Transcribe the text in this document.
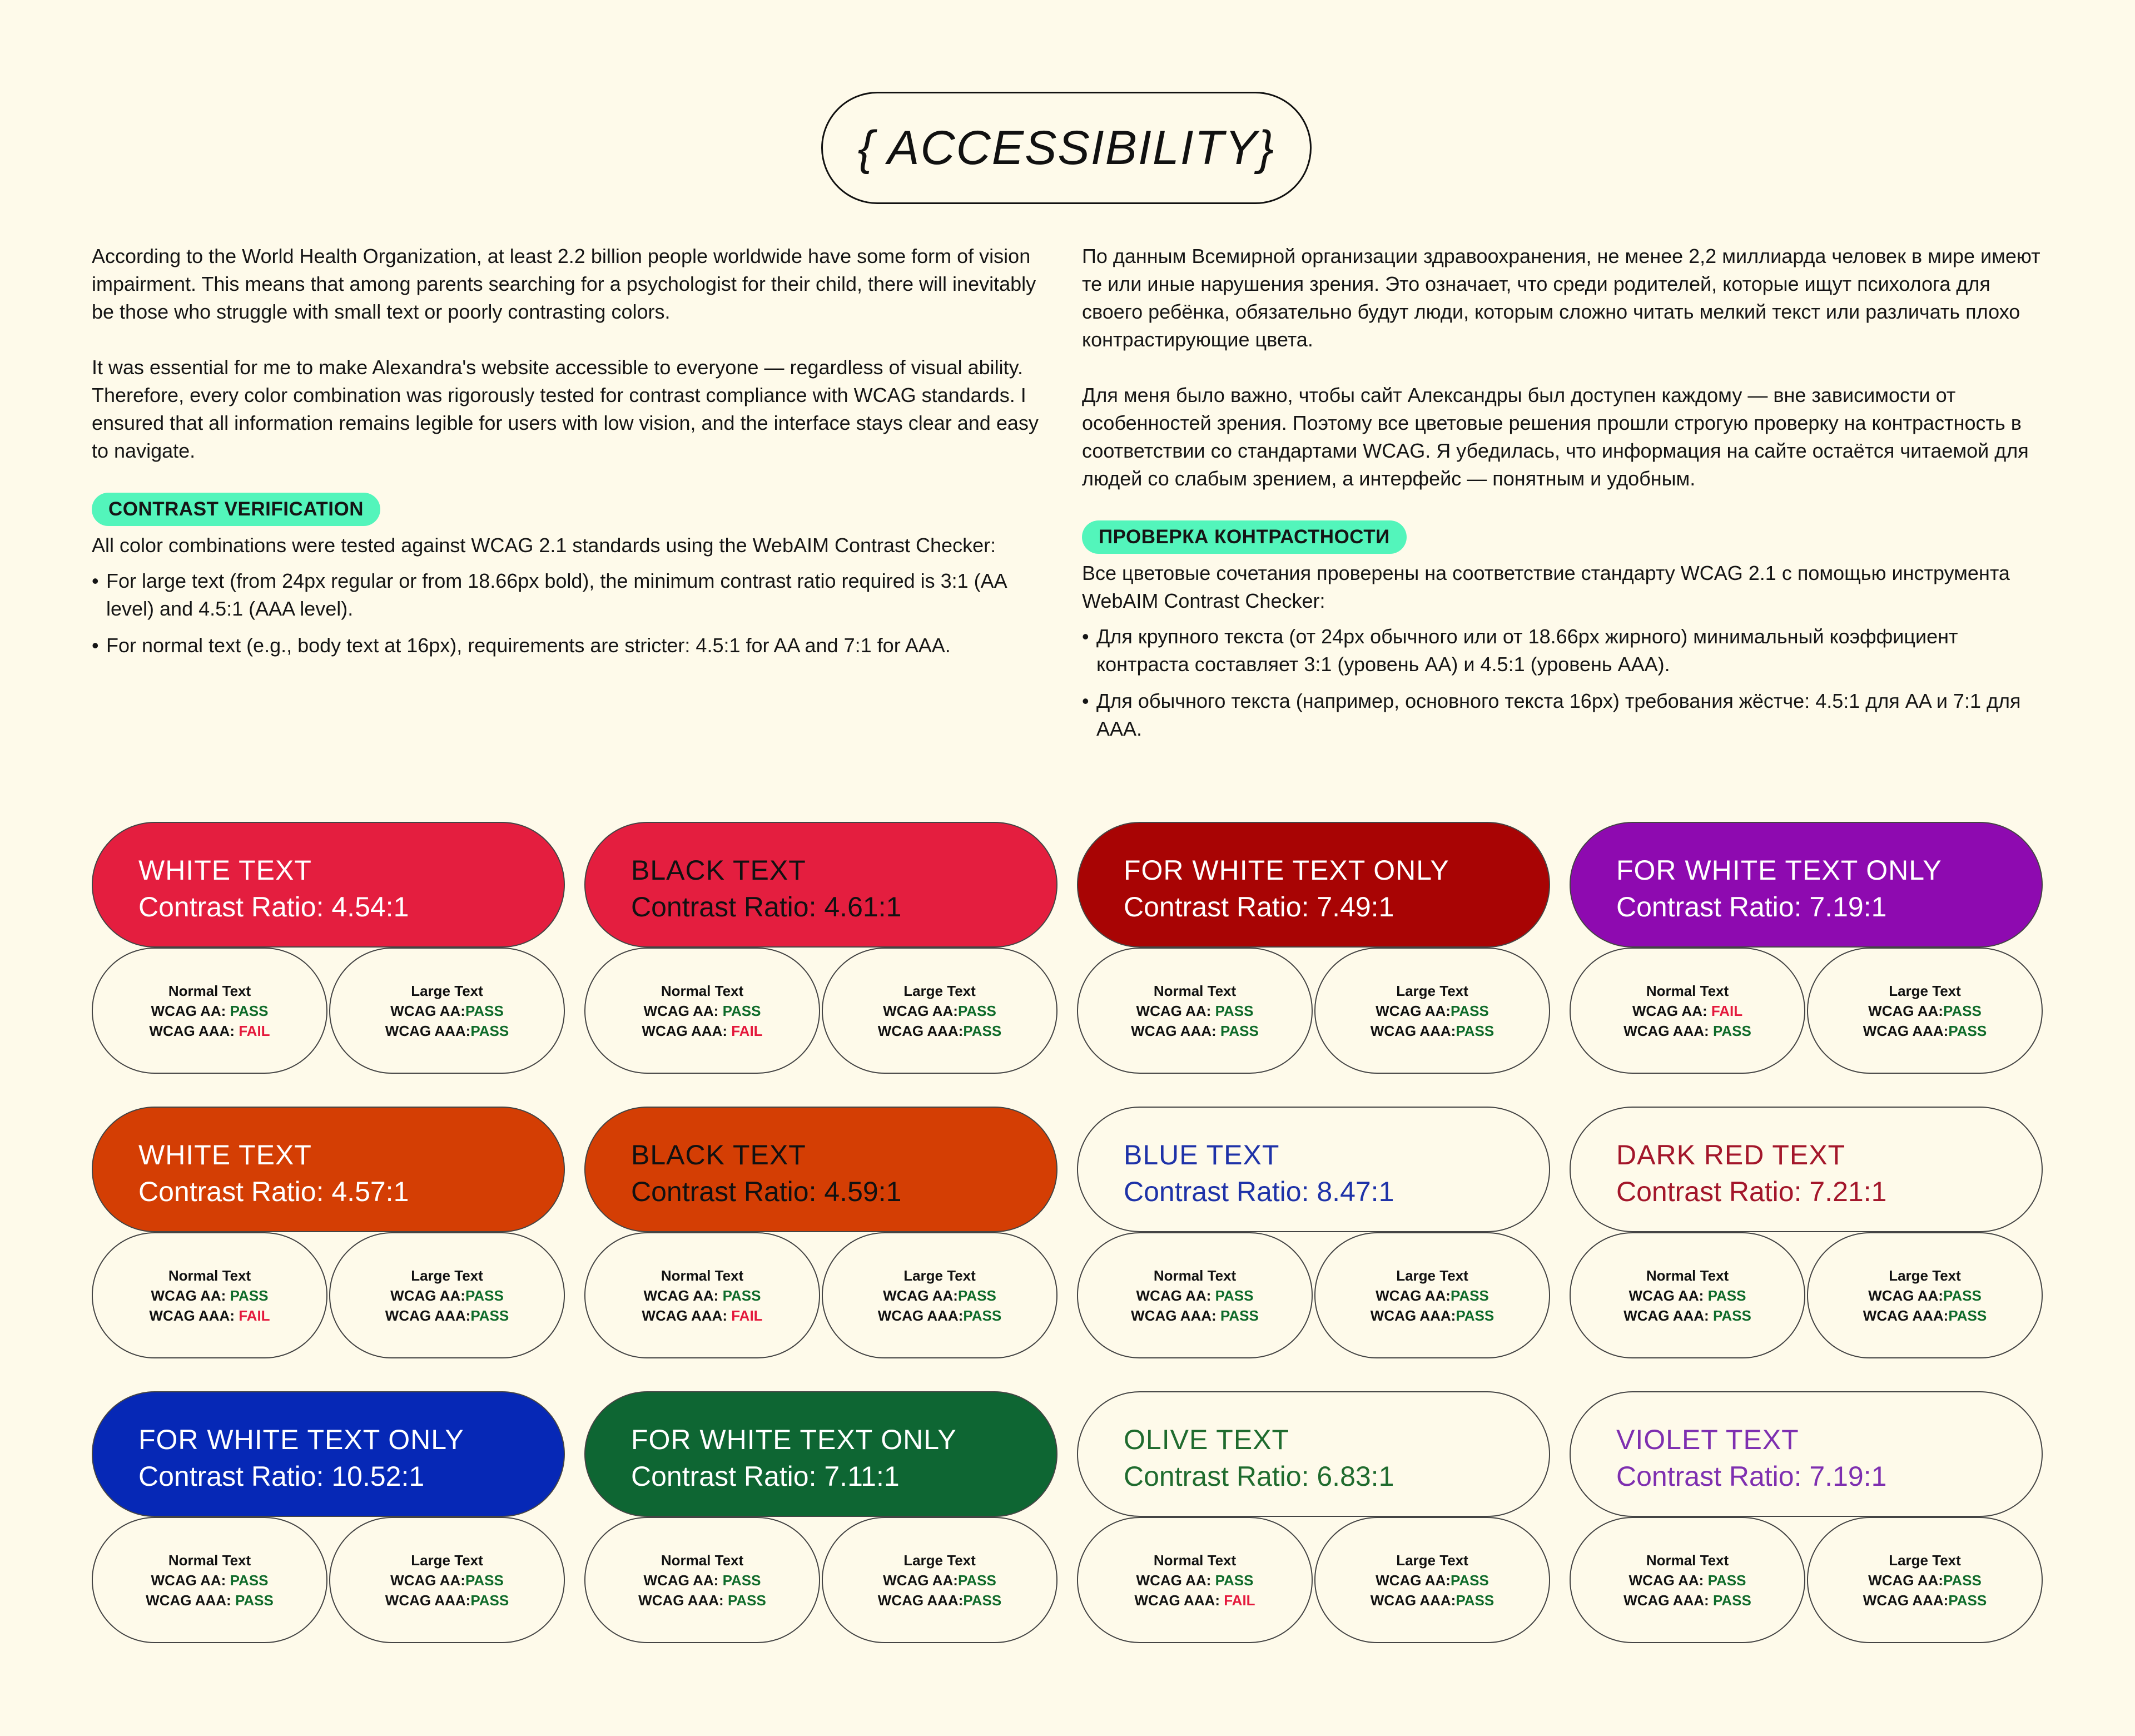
{ ACCESSIBILITY}

According to the World Health Organization, at least 2.2 billion people worldwide have some form of vision impairment. This means that among parents searching for a psychologist for their child, there will inevitably be those who struggle with small text or poorly contrasting colors.

It was essential for me to make Alexandra's website accessible to everyone — regardless of visual ability. Therefore, every color combination was rigorously tested for contrast compliance with WCAG standards. I ensured that all information remains legible for users with low vision, and the interface stays clear and easy to navigate.

CONTRAST VERIFICATION

All color combinations were tested against WCAG 2.1 standards using the WebAIM Contrast Checker:

• For large text (from 24px regular or from 18.66px bold), the minimum contrast ratio required is 3:1 (AA level) and 4.5:1 (AAA level).
• For normal text (e.g., body text at 16px), requirements are stricter: 4.5:1 for AA and 7:1 for AAA.

По данным Всемирной организации здравоохранения, не менее 2,2 миллиарда человек в мире имеют те или иные нарушения зрения. Это означает, что среди родителей, которые ищут психолога для своего ребёнка, обязательно будут люди, которым сложно читать мелкий текст или различать плохо контрастирующие цвета.

Для меня было важно, чтобы сайт Александры был доступен каждому — вне зависимости от особенностей зрения. Поэтому все цветовые решения прошли строгую проверку на контрастность в соответствии со стандартами WCAG. Я убедилась, что информация на сайте остаётся читаемой для людей со слабым зрением, а интерфейс — понятным и удобным.

ПРОВЕРКА КОНТРАСТНОСТИ

Все цветовые сочетания проверены на соответствие стандарту WCAG 2.1 с помощью инструмента WebAIM Contrast Checker:

• Для крупного текста (от 24px обычного или от 18.66px жирного) минимальный коэффициент контраста составляет 3:1 (уровень AA) и 4.5:1 (уровень AAA).
• Для обычного текста (например, основного текста 16px) требования жёстче: 4.5:1 для AA и 7:1 для AAA.
WHITE TEXT
Contrast Ratio: 4.54:1
Normal Text
WCAG AA: PASS
WCAG AAA: FAIL
Large Text
WCAG AA:PASS
WCAG AAA:PASS
BLACK TEXT
Contrast Ratio: 4.61:1
Normal Text
WCAG AA: PASS
WCAG AAA: FAIL
Large Text
WCAG AA:PASS
WCAG AAA:PASS
FOR WHITE TEXT ONLY
Contrast Ratio: 7.49:1
Normal Text
WCAG AA: PASS
WCAG AAA: PASS
Large Text
WCAG AA:PASS
WCAG AAA:PASS
FOR WHITE TEXT ONLY
Contrast Ratio: 7.19:1
Normal Text
WCAG AA: FAIL
WCAG AAA: PASS
Large Text
WCAG AA:PASS
WCAG AAA:PASS
WHITE TEXT
Contrast Ratio: 4.57:1
Normal Text
WCAG AA: PASS
WCAG AAA: FAIL
Large Text
WCAG AA:PASS
WCAG AAA:PASS
BLACK TEXT
Contrast Ratio: 4.59:1
Normal Text
WCAG AA: PASS
WCAG AAA: FAIL
Large Text
WCAG AA:PASS
WCAG AAA:PASS
BLUE TEXT
Contrast Ratio: 8.47:1
Normal Text
WCAG AA: PASS
WCAG AAA: PASS
Large Text
WCAG AA:PASS
WCAG AAA:PASS
DARK RED TEXT
Contrast Ratio: 7.21:1
Normal Text
WCAG AA: PASS
WCAG AAA: PASS
Large Text
WCAG AA:PASS
WCAG AAA:PASS
FOR WHITE TEXT ONLY
Contrast Ratio: 10.52:1
Normal Text
WCAG AA: PASS
WCAG AAA: PASS
Large Text
WCAG AA:PASS
WCAG AAA:PASS
FOR WHITE TEXT ONLY
Contrast Ratio: 7.11:1
Normal Text
WCAG AA: PASS
WCAG AAA: PASS
Large Text
WCAG AA:PASS
WCAG AAA:PASS
OLIVE TEXT
Contrast Ratio: 6.83:1
Normal Text
WCAG AA: PASS
WCAG AAA: FAIL
Large Text
WCAG AA:PASS
WCAG AAA:PASS
VIOLET TEXT
Contrast Ratio: 7.19:1
Normal Text
WCAG AA: PASS
WCAG AAA: PASS
Large Text
WCAG AA:PASS
WCAG AAA:PASS
